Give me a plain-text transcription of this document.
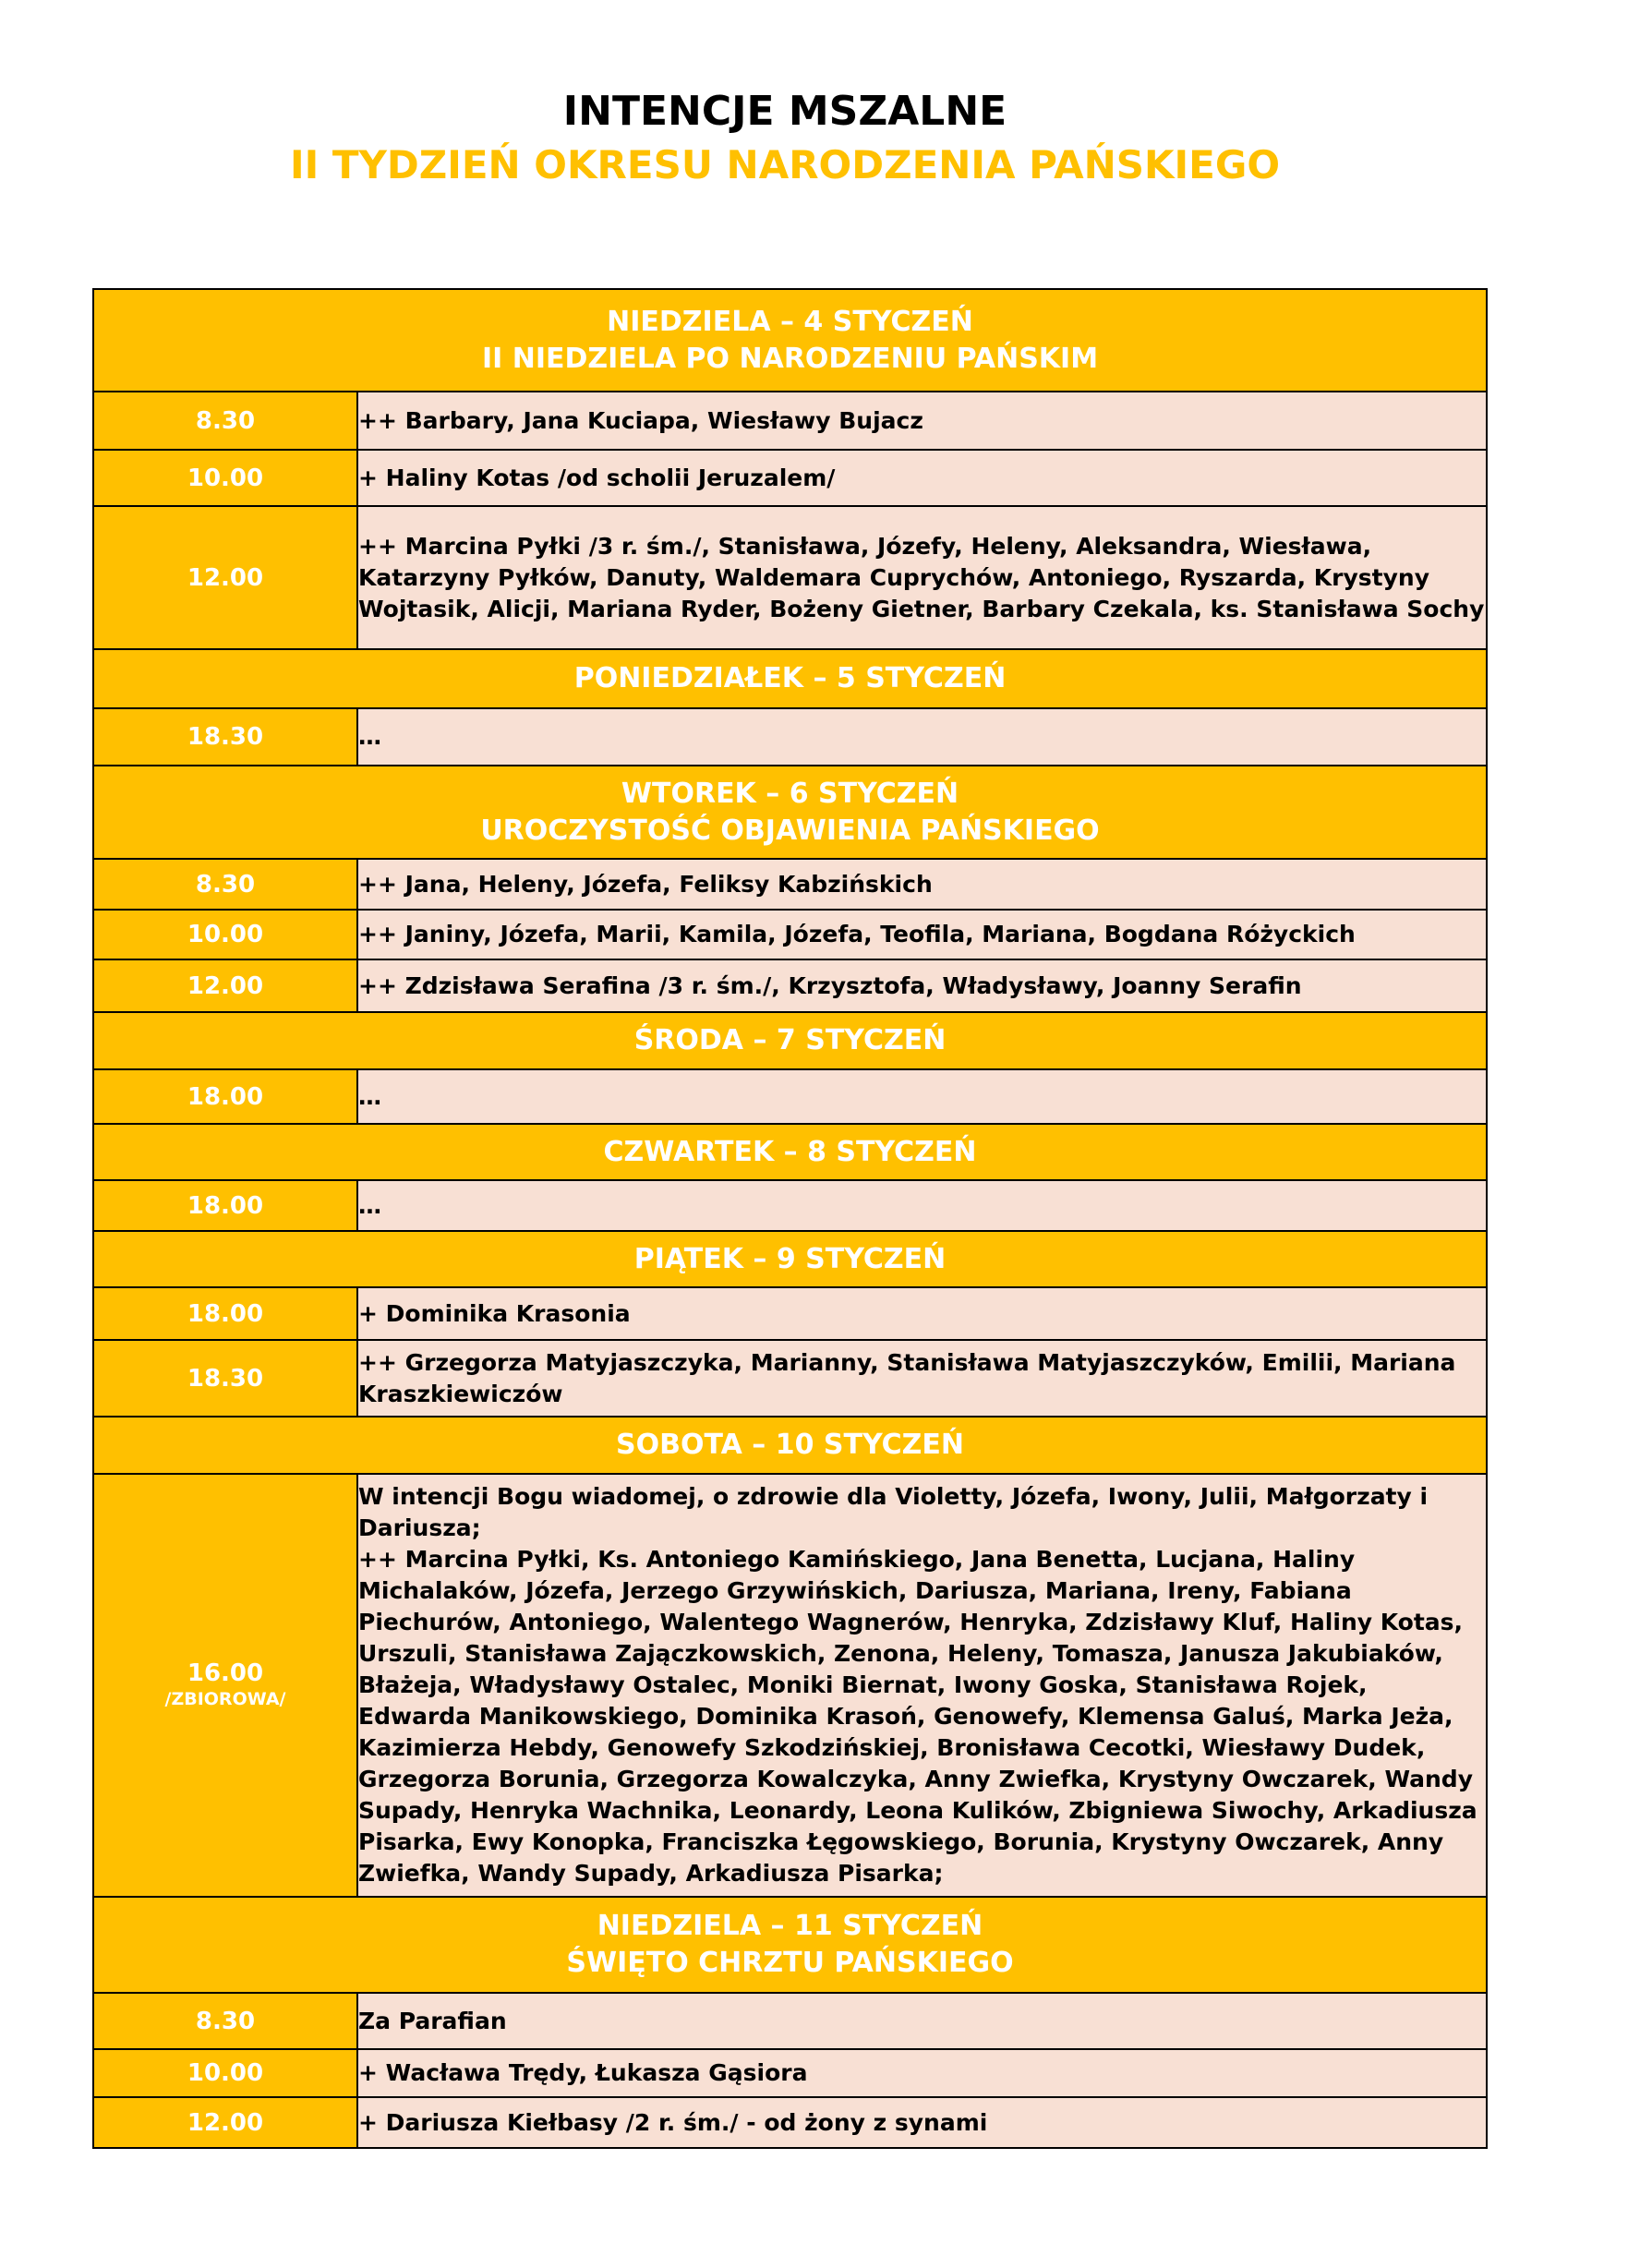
INTENCJE MSZALNE
II TYDZIEŃ OKRESU NARODZENIA PAŃSKIEGO
NIEDZIELA – 4 STYCZEŃ
II NIEDZIELA PO NARODZENIU PAŃSKIM	

8.30	++ Barbary, Jana Kuciapa, Wiesławy Bujacz
10.00	+ Haliny Kotas /od scholii Jeruzalem/
12.00	++ Marcina Pyłki /3 r. śm./, Stanisława, Józefy, Heleny, Aleksandra, Wiesława, Katarzyny Pyłków, Danuty, Waldemara Cuprychów, Antoniego, Ryszarda, Krystyny Wojtasik, Alicji, Mariana Ryder, Bożeny Gietner, Barbary Czekala, ks. Stanisława Sochy

PONIEDZIAŁEK – 5 STYCZEŃ	

18.30	…

WTOREK – 6 STYCZEŃ
UROCZYSTOŚĆ OBJAWIENIA PAŃSKIEGO	

8.30	++ Jana, Heleny, Józefa, Feliksy Kabzińskich
10.00	++ Janiny, Józefa, Marii, Kamila, Józefa, Teofila, Mariana, Bogdana Różyckich
12.00	++ Zdzisława Serafina /3 r. śm./, Krzysztofa, Władysławy, Joanny Serafin

ŚRODA – 7 STYCZEŃ	

18.00	…

CZWARTEK – 8 STYCZEŃ	

18.00	…

PIĄTEK – 9 STYCZEŃ	

18.00	+ Dominika Krasonia
18.30	++ Grzegorza Matyjaszczyka, Marianny, Stanisława Matyjaszczyków, Emilii, Mariana Kraszkiewiczów

SOBOTA – 10 STYCZEŃ	

16.00
/ZBIOROWA/	W intencji Bogu wiadomej, o zdrowie dla Violetty, Józefa, Iwony, Julii, Małgorzaty i Dariusza;
++ Marcina Pyłki, Ks. Antoniego Kamińskiego, Jana Benetta, Lucjana, Haliny Michalaków, Józefa, Jerzego Grzywińskich, Dariusza, Mariana, Ireny, Fabiana Piechurów, Antoniego, Walentego Wagnerów, Henryka, Zdzisławy Kluf, Haliny Kotas, Urszuli, Stanisława Zajączkowskich, Zenona, Heleny, Tomasza, Janusza Jakubiaków, Błażeja, Władysławy Ostalec, Moniki Biernat, Iwony Goska, Stanisława Rojek, Edwarda Manikowskiego, Dominika Krasoń, Genowefy, Klemensa Galuś, Marka Jeża, Kazimierza Hebdy, Genowefy Szkodzińskiej, Bronisława Cecotki, Wiesławy Dudek, Grzegorza Borunia, Grzegorza Kowalczyka, Anny Zwiefka, Krystyny Owczarek, Wandy Supady, Henryka Wachnika, Leonardy, Leona Kulików, Zbigniewa Siwochy, Arkadiusza Pisarka, Ewy Konopka, Franciszka Łęgowskiego, Borunia, Krystyny Owczarek, Anny Zwiefka, Wandy Supady, Arkadiusza Pisarka;

NIEDZIELA – 11 STYCZEŃ
ŚWIĘTO CHRZTU PAŃSKIEGO	

8.30	Za Parafian
10.00	+ Wacława Trędy, Łukasza Gąsiora
12.00	+ Dariusza Kiełbasy /2 r. śm./ - od żony z synami
